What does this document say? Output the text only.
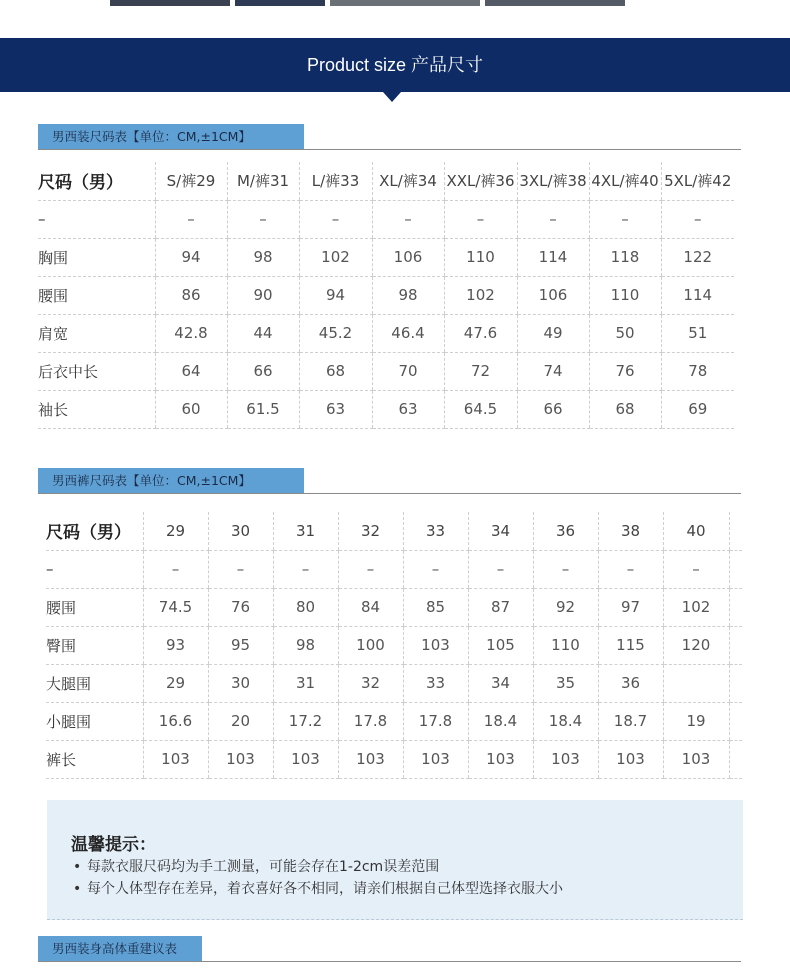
Product size 产品尺寸
男西装尺码表【单位：CM,±1CM】
尺码（男）	S/裤29	M/裤31	L/裤33	XL/裤34	XXL/裤36	3XL/裤38	4XL/裤40	5XL/裤42
–	–	–	–	–	–	–	–	–
胸围	94	98	102	106	110	114	118	122
腰围	86	90	94	98	102	106	110	114
肩宽	42.8	44	45.2	46.4	47.6	49	50	51
后衣中长	64	66	68	70	72	74	76	78
袖长	60	61.5	63	63	64.5	66	68	69
男西裤尺码表【单位：CM,±1CM】
尺码（男）	29	30	31	32	33	34	36	38	40	
–	–	–	–	–	–	–	–	–	–	
腰围	74.5	76	80	84	85	87	92	97	102	
臀围	93	95	98	100	103	105	110	115	120	
大腿围	29	30	31	32	33	34	35	36		
小腿围	16.6	20	17.2	17.8	17.8	18.4	18.4	18.7	19	
裤长	103	103	103	103	103	103	103	103	103	
温馨提示：
• 每款衣服尺码均为手工测量，可能会存在1-2cm误差范围
• 每个人体型存在差异，着衣喜好各不相同，请亲们根据自己体型选择衣服大小
男西装身高体重建议表
